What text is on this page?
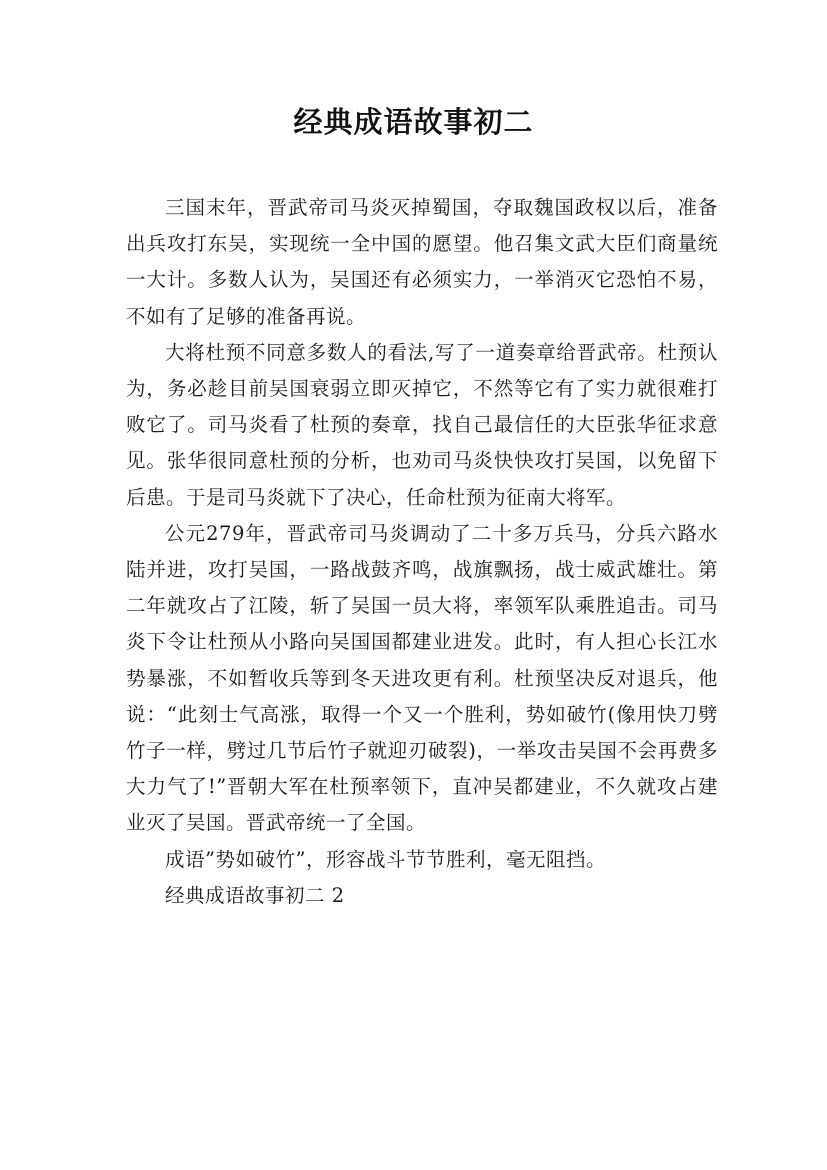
经典成语故事初二

三国末年，晋武帝司马炎灭掉蜀国，夺取魏国政权以后，准备出兵攻打东吴，实现统一全中国的愿望。他召集文武大臣们商量统一大计。多数人认为，吴国还有必须实力，一举消灭它恐怕不易，不如有了足够的准备再说。

大将杜预不同意多数人的看法,写了一道奏章给晋武帝。杜预认为，务必趁目前吴国衰弱立即灭掉它，不然等它有了实力就很难打败它了。司马炎看了杜预的奏章，找自己最信任的大臣张华征求意见。张华很同意杜预的分析，也劝司马炎快快攻打吴国，以免留下后患。于是司马炎就下了决心，任命杜预为征南大将军。

公元279年，晋武帝司马炎调动了二十多万兵马，分兵六路水陆并进，攻打吴国，一路战鼓齐鸣，战旗飘扬，战士威武雄壮。第二年就攻占了江陵，斩了吴国一员大将，率领军队乘胜追击。司马炎下令让杜预从小路向吴国国都建业进发。此时，有人担心长江水势暴涨，不如暂收兵等到冬天进攻更有利。杜预坚决反对退兵，他说：“此刻士气高涨，取得一个又一个胜利，势如破竹(像用快刀劈竹子一样，劈过几节后竹子就迎刃破裂)，一举攻击吴国不会再费多大力气了!”晋朝大军在杜预率领下，直冲吴都建业，不久就攻占建业灭了吴国。晋武帝统一了全国。

成语”势如破竹”，形容战斗节节胜利，毫无阻挡。

经典成语故事初二 2
